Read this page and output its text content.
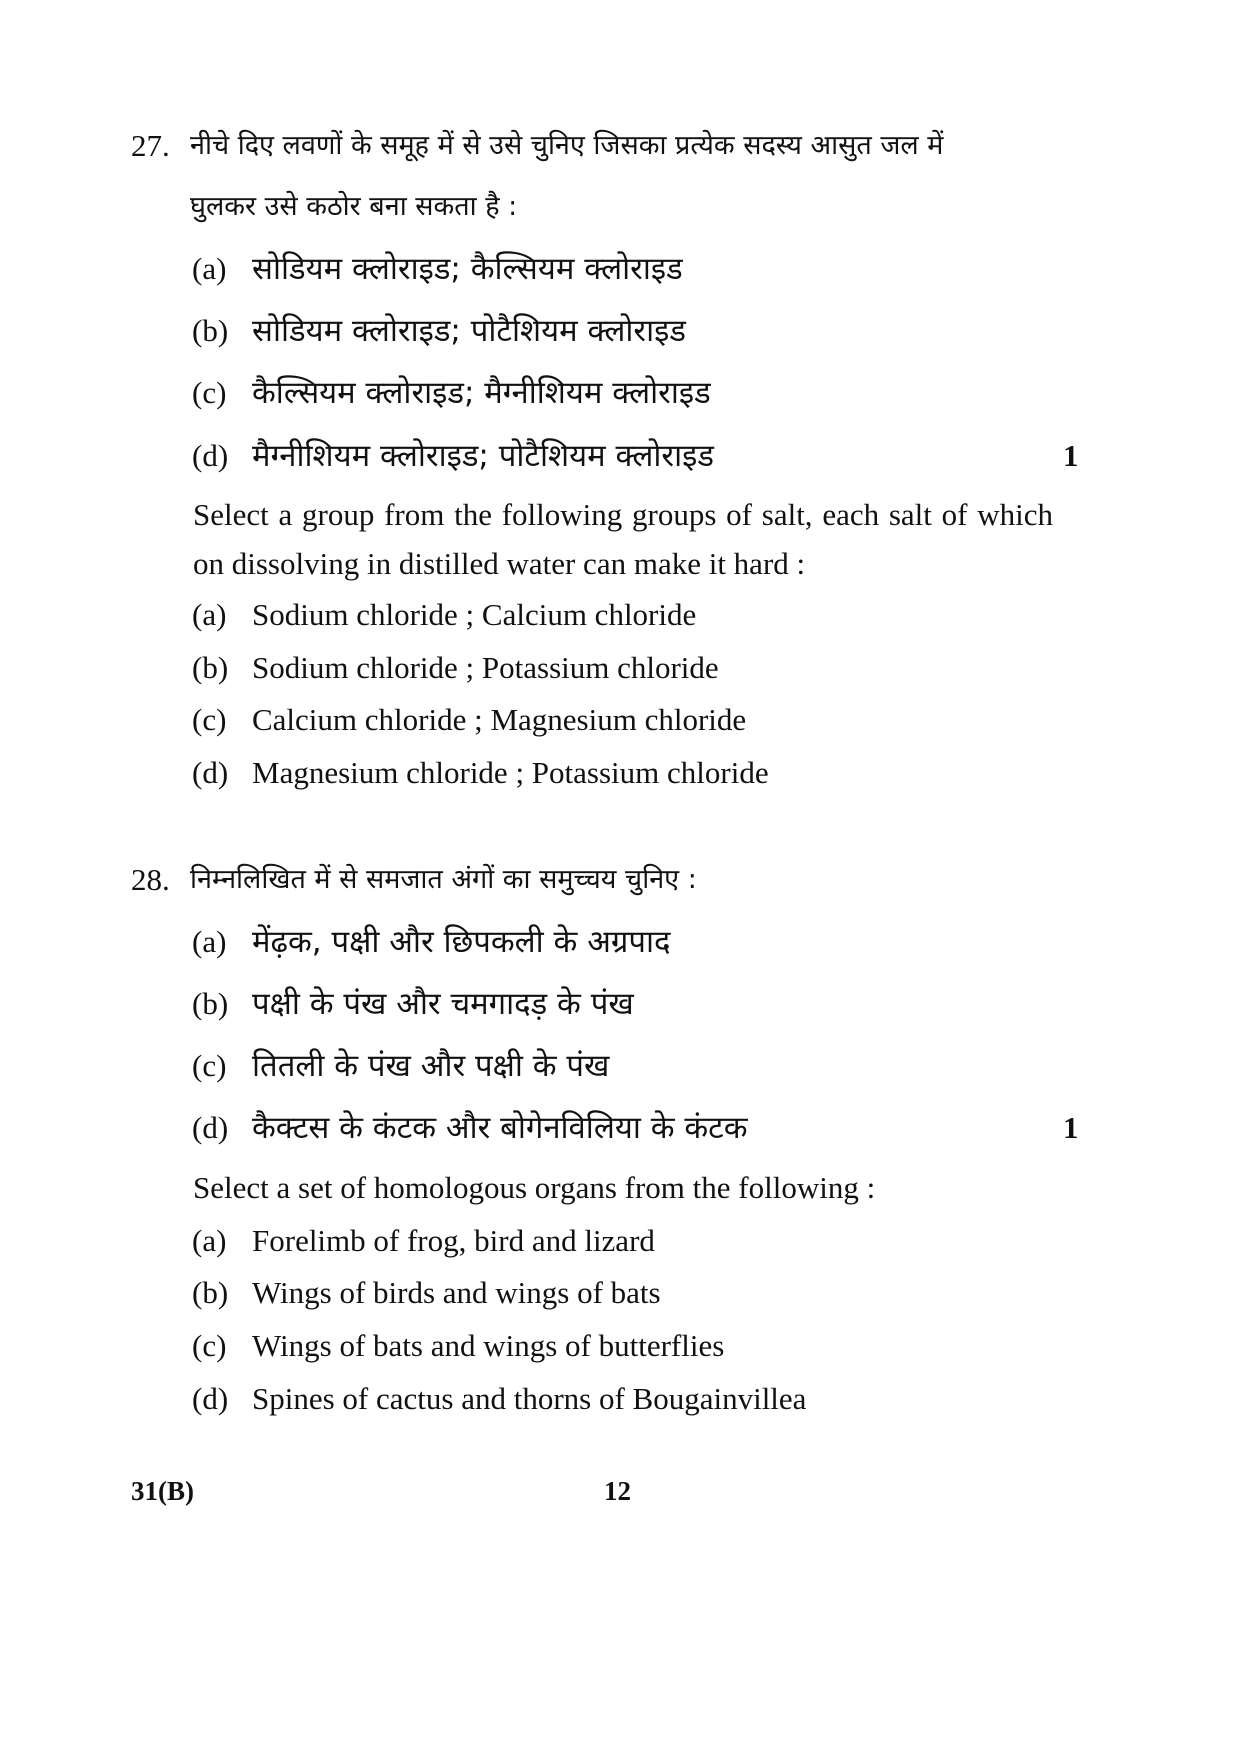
27. नीचे दिए लवणों के समूह में से उसे चुनिए जिसका प्रत्येक सदस्य आसुत जल में
घुलकर उसे कठोर बना सकता है :
(a) सोडियम क्लोराइड; कैल्सियम क्लोराइड
(b) सोडियम क्लोराइड; पोटैशियम क्लोराइड
(c) कैल्सियम क्लोराइड; मैग्नीशियम क्लोराइड
(d) मैग्नीशियम क्लोराइड; पोटैशियम क्लोराइड	1
Select a group from the following groups of salt, each salt of which on dissolving in distilled water can make it hard :
(a) Sodium chloride ; Calcium chloride
(b) Sodium chloride ; Potassium chloride
(c) Calcium chloride ; Magnesium chloride
(d) Magnesium chloride ; Potassium chloride
28. निम्नलिखित में से समजात अंगों का समुच्चय चुनिए :
(a) मेंढ़क, पक्षी और छिपकली के अग्रपाद
(b) पक्षी के पंख और चमगादड़ के पंख
(c) तितली के पंख और पक्षी के पंख
(d) कैक्टस के कंटक और बोगेनविलिया के कंटक	1
Select a set of homologous organs from the following :
(a) Forelimb of frog, bird and lizard
(b) Wings of birds and wings of bats
(c) Wings of bats and wings of butterflies
(d) Spines of cactus and thorns of Bougainvillea
31(B)	12
